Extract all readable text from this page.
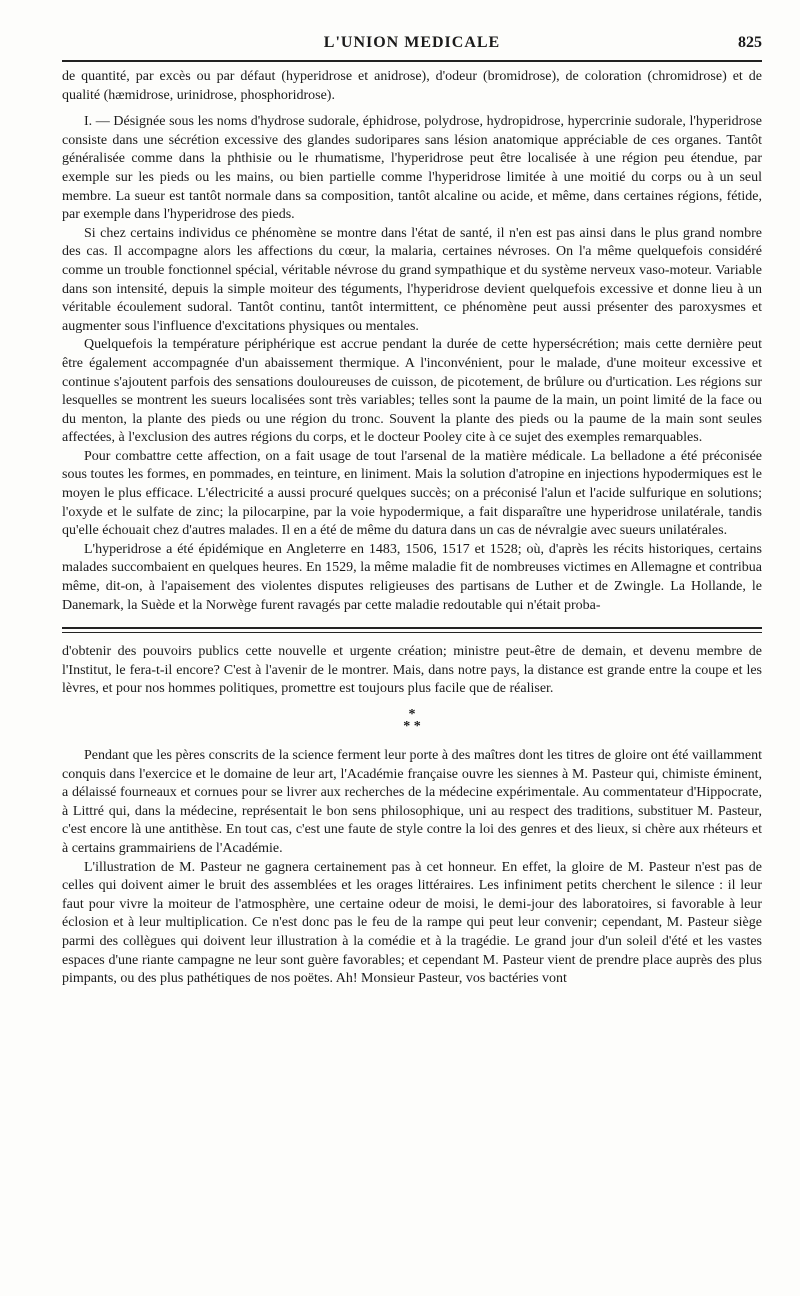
L'UNION MEDICALE	825

de quantité, par excès ou par défaut (hyperidrose et anidrose), d'odeur (bromidrose), de coloration (chromidrose) et de qualité (hæmidrose, urinidrose, phosphoridrose).

I. — Désignée sous les noms d'hydrose sudorale, éphidrose, polydrose, hydropidrose, hypercrinie sudorale, l'hyperidrose consiste dans une sécrétion excessive des glandes sudoripares sans lésion anatomique appréciable de ces organes. Tantôt généralisée comme dans la phthisie ou le rhumatisme, l'hyperidrose peut être localisée à une région peu étendue, par exemple sur les pieds ou les mains, ou bien partielle comme l'hyperidrose limitée à une moitié du corps ou à un seul membre. La sueur est tantôt normale dans sa composition, tantôt alcaline ou acide, et même, dans certaines régions, fétide, par exemple dans l'hyperidrose des pieds.

Si chez certains individus ce phénomène se montre dans l'état de santé, il n'en est pas ainsi dans le plus grand nombre des cas. Il accompagne alors les affections du cœur, la malaria, certaines névroses. On l'a même quelquefois considéré comme un trouble fonctionnel spécial, véritable névrose du grand sympathique et du système nerveux vaso-moteur. Variable dans son intensité, depuis la simple moiteur des téguments, l'hyperidrose devient quelquefois excessive et donne lieu à un véritable écoulement sudoral. Tantôt continu, tantôt intermittent, ce phénomène peut aussi présenter des paroxysmes et augmenter sous l'influence d'excitations physiques ou mentales.

Quelquefois la température périphérique est accrue pendant la durée de cette hypersécrétion; mais cette dernière peut être également accompagnée d'un abaissement thermique. A l'inconvénient, pour le malade, d'une moiteur excessive et continue s'ajoutent parfois des sensations douloureuses de cuisson, de picotement, de brûlure ou d'urtication. Les régions sur lesquelles se montrent les sueurs localisées sont très variables; telles sont la paume de la main, un point limité de la face ou du menton, la plante des pieds ou une région du tronc. Souvent la plante des pieds ou la paume de la main sont seules affectées, à l'exclusion des autres régions du corps, et le docteur Pooley cite à ce sujet des exemples remarquables.

Pour combattre cette affection, on a fait usage de tout l'arsenal de la matière médicale. La belladone a été préconisée sous toutes les formes, en pommades, en teinture, en liniment. Mais la solution d'atropine en injections hypodermiques est le moyen le plus efficace. L'électricité a aussi procuré quelques succès; on a préconisé l'alun et l'acide sulfurique en solutions; l'oxyde et le sulfate de zinc; la pilocarpine, par la voie hypodermique, a fait disparaître une hyperidrose unilatérale, tandis qu'elle échouait chez d'autres malades. Il en a été de même du datura dans un cas de névralgie avec sueurs unilatérales.

L'hyperidrose a été épidémique en Angleterre en 1483, 1506, 1517 et 1528; où, d'après les récits historiques, certains malades succombaient en quelques heures. En 1529, la même maladie fit de nombreuses victimes en Allemagne et contribua même, dit-on, à l'apaisement des violentes disputes religieuses des partisans de Luther et de Zwingle. La Hollande, le Danemark, la Suède et la Norwège furent ravagés par cette maladie redoutable qui n'était proba-

d'obtenir des pouvoirs publics cette nouvelle et urgente création; ministre peut-être de demain, et devenu membre de l'Institut, le fera-t-il encore? C'est à l'avenir de le montrer. Mais, dans notre pays, la distance est grande entre la coupe et les lèvres, et pour nos hommes politiques, promettre est toujours plus facile que de réaliser.

*
* *

Pendant que les pères conscrits de la science ferment leur porte à des maîtres dont les titres de gloire ont été vaillamment conquis dans l'exercice et le domaine de leur art, l'Académie française ouvre les siennes à M. Pasteur qui, chimiste éminent, a délaissé fourneaux et cornues pour se livrer aux recherches de la médecine expérimentale. Au commentateur d'Hippocrate, à Littré qui, dans la médecine, représentait le bon sens philosophique, uni au respect des traditions, substituer M. Pasteur, c'est encore là une antithèse. En tout cas, c'est une faute de style contre la loi des genres et des lieux, si chère aux rhéteurs et à certains grammairiens de l'Académie.

L'illustration de M. Pasteur ne gagnera certainement pas à cet honneur. En effet, la gloire de M. Pasteur n'est pas de celles qui doivent aimer le bruit des assemblées et les orages littéraires. Les infiniment petits cherchent le silence : il leur faut pour vivre la moiteur de l'atmosphère, une certaine odeur de moisi, le demi-jour des laboratoires, si favorable à leur éclosion et à leur multiplication. Ce n'est donc pas le feu de la rampe qui peut leur convenir; cependant, M. Pasteur siège parmi des collègues qui doivent leur illustration à la comédie et à la tragédie. Le grand jour d'un soleil d'été et les vastes espaces d'une riante campagne ne leur sont guère favorables; et cependant M. Pasteur vient de prendre place auprès des plus pimpants, ou des plus pathétiques de nos poëtes. Ah! Monsieur Pasteur, vos bactéries vont
